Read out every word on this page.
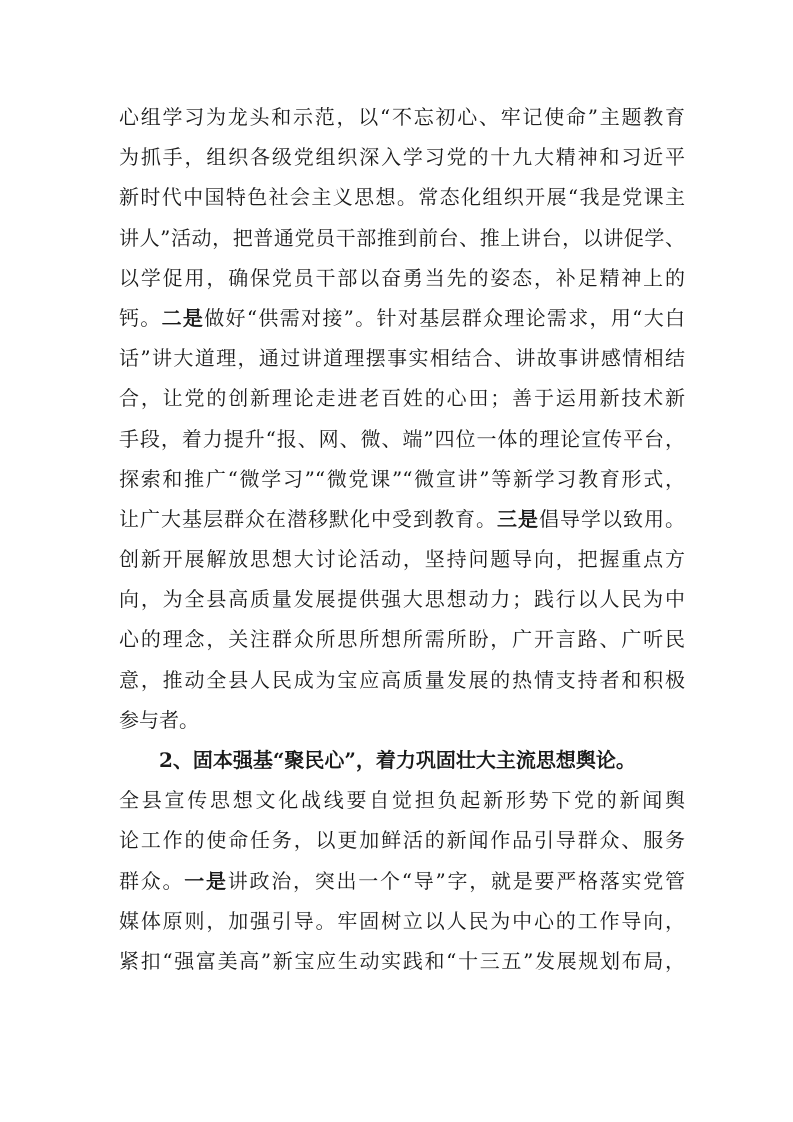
心组学习为龙头和示范，以“不忘初心、牢记使命”主题教育
为抓手，组织各级党组织深入学习党的十九大精神和习近平
新时代中国特色社会主义思想。常态化组织开展“我是党课主
讲人”活动，把普通党员干部推到前台、推上讲台，以讲促学、
以学促用，确保党员干部以奋勇当先的姿态，补足精神上的
钙。二是做好“供需对接”。针对基层群众理论需求，用“大白
话”讲大道理，通过讲道理摆事实相结合、讲故事讲感情相结
合，让党的创新理论走进老百姓的心田；善于运用新技术新
手段，着力提升“报、网、微、端”四位一体的理论宣传平台，
探索和推广“微学习”“微党课”“微宣讲”等新学习教育形式，
让广大基层群众在潜移默化中受到教育。三是倡导学以致用。
创新开展解放思想大讨论活动，坚持问题导向，把握重点方
向，为全县高质量发展提供强大思想动力；践行以人民为中
心的理念，关注群众所思所想所需所盼，广开言路、广听民
意，推动全县人民成为宝应高质量发展的热情支持者和积极
参与者。
2、固本强基“聚民心”，着力巩固壮大主流思想舆论。
全县宣传思想文化战线要自觉担负起新形势下党的新闻舆
论工作的使命任务，以更加鲜活的新闻作品引导群众、服务
群众。一是讲政治，突出一个“导”字，就是要严格落实党管
媒体原则，加强引导。牢固树立以人民为中心的工作导向，
紧扣“强富美高”新宝应生动实践和“十三五”发展规划布局，
